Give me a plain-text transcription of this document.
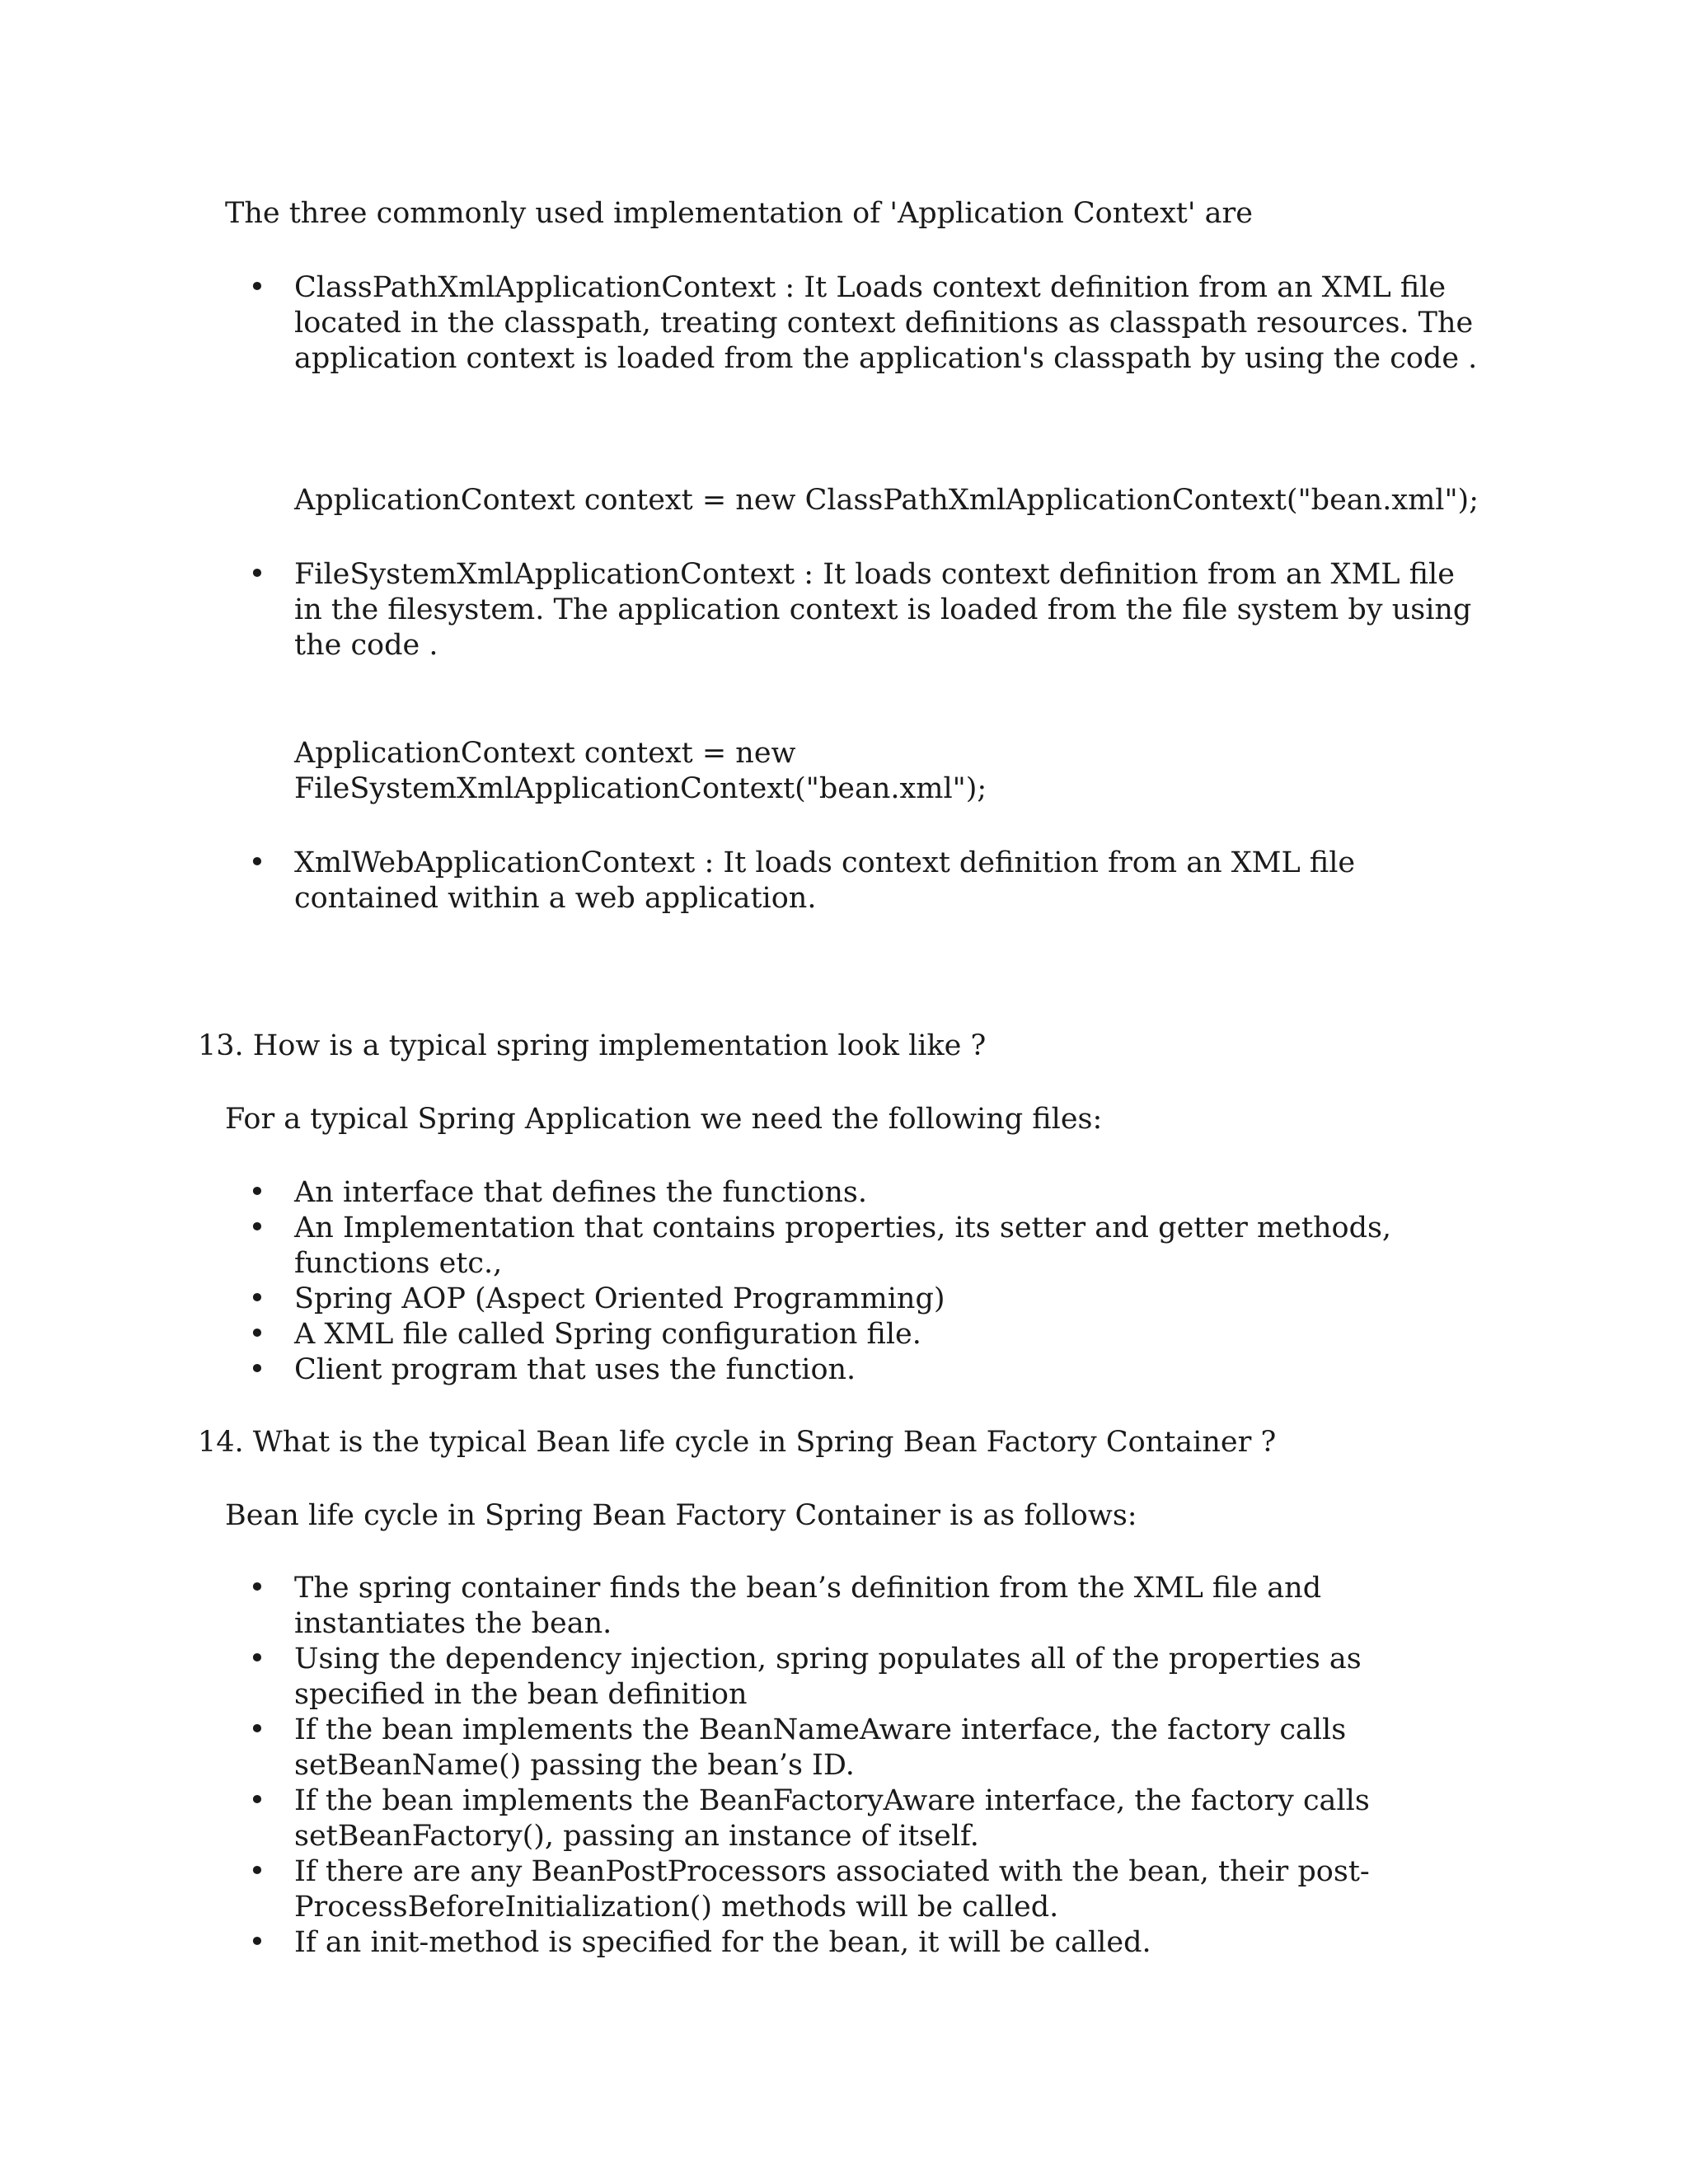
The three commonly used implementation of 'Application Context' are

• ClassPathXmlApplicationContext : It Loads context definition from an XML file located in the classpath, treating context definitions as classpath resources. The application context is loaded from the application's classpath by using the code .

ApplicationContext context = new ClassPathXmlApplicationContext("bean.xml");

• FileSystemXmlApplicationContext : It loads context definition from an XML file in the filesystem. The application context is loaded from the file system by using the code .

ApplicationContext context = new

FileSystemXmlApplicationContext("bean.xml");

• XmlWebApplicationContext : It loads context definition from an XML file contained within a web application.

13. How is a typical spring implementation look like ?

For a typical Spring Application we need the following files:

• An interface that defines the functions.
• An Implementation that contains properties, its setter and getter methods, functions etc.,
• Spring AOP (Aspect Oriented Programming)
• A XML file called Spring configuration file.
• Client program that uses the function.

14. What is the typical Bean life cycle in Spring Bean Factory Container ?

Bean life cycle in Spring Bean Factory Container is as follows:

• The spring container finds the bean’s definition from the XML file and instantiates the bean.
• Using the dependency injection, spring populates all of the properties as specified in the bean definition
• If the bean implements the BeanNameAware interface, the factory calls setBeanName() passing the bean’s ID.
• If the bean implements the BeanFactoryAware interface, the factory calls setBeanFactory(), passing an instance of itself.
• If there are any BeanPostProcessors associated with the bean, their post-ProcessBeforeInitialization() methods will be called.
• If an init-method is specified for the bean, it will be called.
